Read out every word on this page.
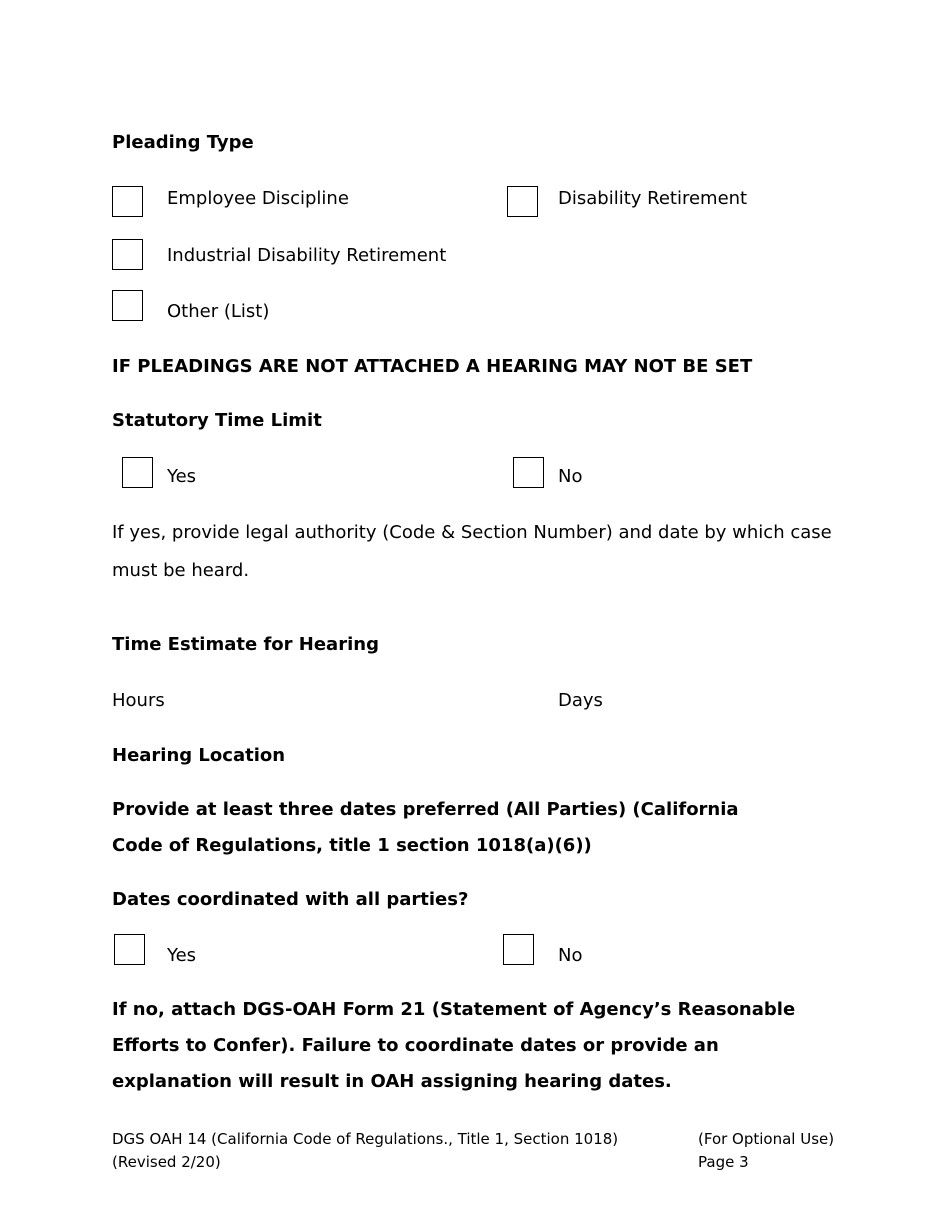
Pleading Type
Employee Discipline	Disability Retirement
Industrial Disability Retirement
Other (List)
IF PLEADINGS ARE NOT ATTACHED A HEARING MAY NOT BE SET
Statutory Time Limit
Yes	No
If yes, provide legal authority (Code & Section Number) and date by which case must be heard.
Time Estimate for Hearing
Hours	Days
Hearing Location
Provide at least three dates preferred (All Parties) (California Code of Regulations, title 1 section 1018(a)(6))
Dates coordinated with all parties?
Yes	No
If no, attach DGS-OAH Form 21 (Statement of Agency’s Reasonable Efforts to Confer). Failure to coordinate dates or provide an explanation will result in OAH assigning hearing dates.
DGS OAH 14 (California Code of Regulations., Title 1, Section 1018)
(Revised 2/20)
(For Optional Use)
Page 3
